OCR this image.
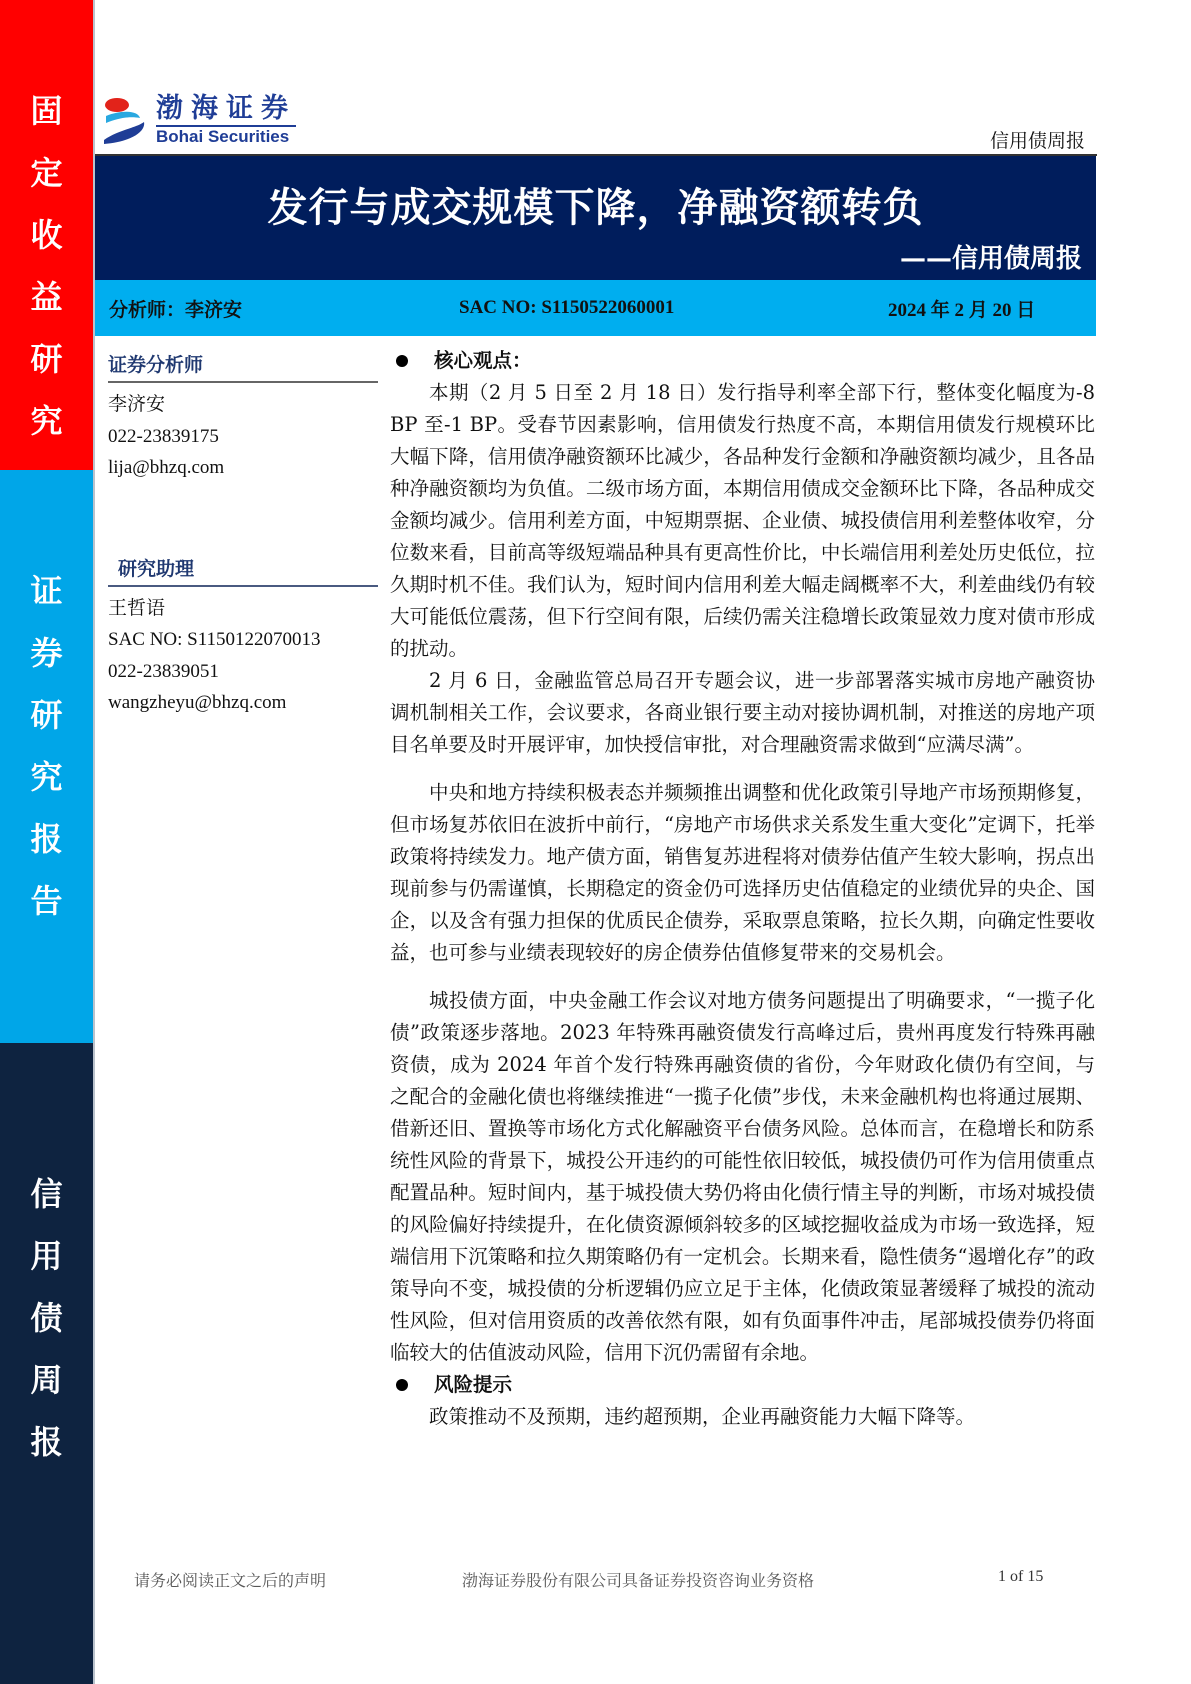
固
定
收
益
研
究
证
券
研
究
报
告
信
用
债
周
报
渤海证券
Bohai Securities	信用债周报
发行与成交规模下降，净融资额转负
——信用债周报
分析师：李济安	SAC NO: S1150522060001	2024 年 2 月 20 日
证券分析师
李济安
022-23839175
lija@bhzq.com
研究助理
王哲语
SAC NO: S1150122070013
022-23839051
wangzheyu@bhzq.com
核心观点：

本期（2 月 5 日至 2 月 18 日）发行指导利率全部下行，整体变化幅度为-8 BP 至-1 BP。受春节因素影响，信用债发行热度不高，本期信用债发行规模环比大幅下降，信用债净融资额环比减少，各品种发行金额和净融资额均减少，且各品种净融资额均为负值。二级市场方面，本期信用债成交金额环比下降，各品种成交金额均减少。信用利差方面，中短期票据、企业债、城投债信用利差整体收窄，分位数来看，目前高等级短端品种具有更高性价比，中长端信用利差处历史低位，拉久期时机不佳。我们认为，短时间内信用利差大幅走阔概率不大，利差曲线仍有较大可能低位震荡，但下行空间有限，后续仍需关注稳增长政策显效力度对债市形成的扰动。

2 月 6 日，金融监管总局召开专题会议，进一步部署落实城市房地产融资协调机制相关工作，会议要求，各商业银行要主动对接协调机制，对推送的房地产项目名单要及时开展评审，加快授信审批，对合理融资需求做到“应满尽满”。

中央和地方持续积极表态并频频推出调整和优化政策引导地产市场预期修复，但市场复苏依旧在波折中前行，“房地产市场供求关系发生重大变化”定调下，托举政策将持续发力。地产债方面，销售复苏进程将对债券估值产生较大影响，拐点出现前参与仍需谨慎，长期稳定的资金仍可选择历史估值稳定的业绩优异的央企、国企，以及含有强力担保的优质民企债券，采取票息策略，拉长久期，向确定性要收益，也可参与业绩表现较好的房企债券估值修复带来的交易机会。

城投债方面，中央金融工作会议对地方债务问题提出了明确要求，“一揽子化债”政策逐步落地。2023 年特殊再融资债发行高峰过后，贵州再度发行特殊再融资债，成为 2024 年首个发行特殊再融资债的省份，今年财政化债仍有空间，与之配合的金融化债也将继续推进“一揽子化债”步伐，未来金融机构也将通过展期、借新还旧、置换等市场化方式化解融资平台债务风险。总体而言，在稳增长和防系统性风险的背景下，城投公开违约的可能性依旧较低，城投债仍可作为信用债重点配置品种。短时间内，基于城投债大势仍将由化债行情主导的判断，市场对城投债的风险偏好持续提升，在化债资源倾斜较多的区域挖掘收益成为市场一致选择，短端信用下沉策略和拉久期策略仍有一定机会。长期来看，隐性债务“遏增化存”的政策导向不变，城投债的分析逻辑仍应立足于主体，化债政策显著缓释了城投的流动性风险，但对信用资质的改善依然有限，如有负面事件冲击，尾部城投债券仍将面临较大的估值波动风险，信用下沉仍需留有余地。

风险提示

政策推动不及预期，违约超预期，企业再融资能力大幅下降等。

请务必阅读正文之后的声明	渤海证券股份有限公司具备证券投资咨询业务资格	1 of 15
